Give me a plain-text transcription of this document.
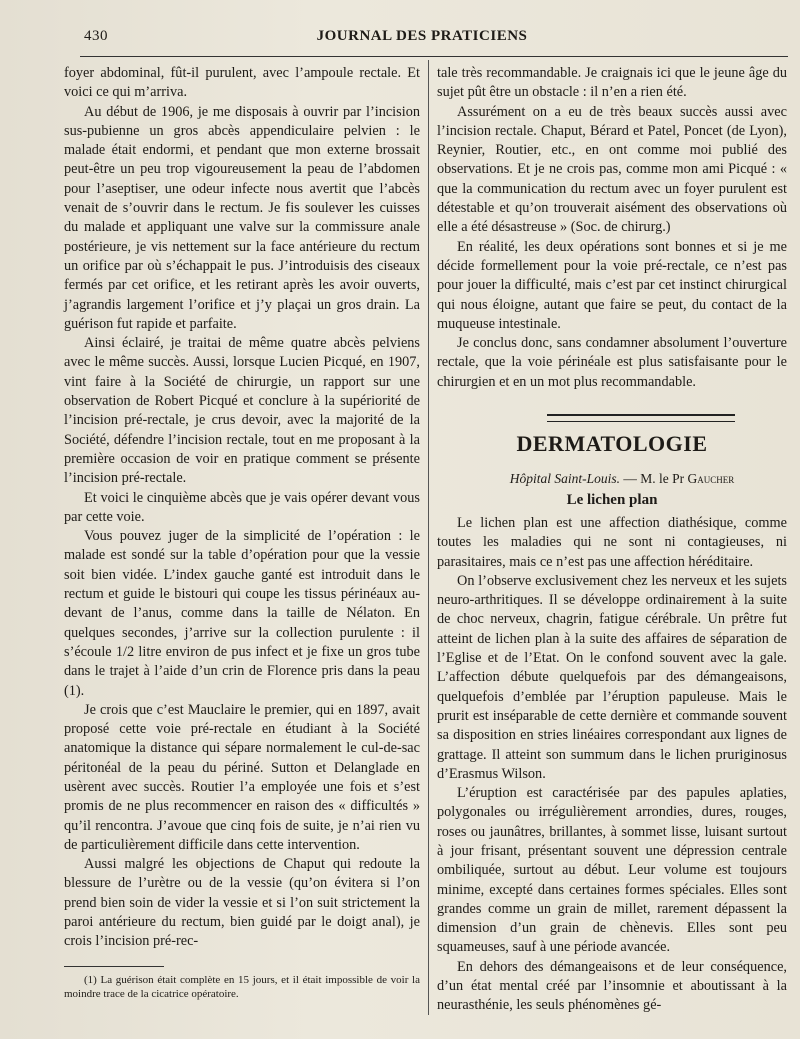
430	JOURNAL DES PRATICIENS

foyer abdominal, fût-il purulent, avec l’ampoule rectale. Et voici ce qui m’arriva.

Au début de 1906, je me disposais à ouvrir par l’incision sus-pubienne un gros abcès appendiculaire pelvien : le malade était endormi, et pendant que mon externe brossait peut-être un peu trop vigoureusement la peau de l’abdomen pour l’aseptiser, une odeur infecte nous avertit que l’abcès venait de s’ouvrir dans le rectum. Je fis soulever les cuisses du malade et appliquant une valve sur la commissure anale postérieure, je vis nettement sur la face antérieure du rectum un orifice par où s’échappait le pus. J’introduisis des ciseaux fermés par cet orifice, et les retirant après les avoir ouverts, j’agrandis largement l’orifice et j’y plaçai un gros drain. La guérison fut rapide et parfaite.

Ainsi éclairé, je traitai de même quatre abcès pelviens avec le même succès. Aussi, lorsque Lucien Picqué, en 1907, vint faire à la Société de chirurgie, un rapport sur une observation de Robert Picqué et conclure à la supériorité de l’incision pré-rectale, je crus devoir, avec la majorité de la Société, défendre l’incision rectale, tout en me proposant à la première occasion de voir en pratique comment se présente l’incision pré-rectale.

Et voici le cinquième abcès que je vais opérer devant vous par cette voie.

Vous pouvez juger de la simplicité de l’opération : le malade est sondé sur la table d’opération pour que la vessie soit bien vidée. L’index gauche ganté est introduit dans le rectum et guide le bistouri qui coupe les tissus périnéaux au-devant de l’anus, comme dans la taille de Nélaton. En quelques secondes, j’arrive sur la collection purulente : il s’écoule 1/2 litre environ de pus infect et je fixe un gros tube dans le trajet à l’aide d’un crin de Florence pris dans la peau (1).

Je crois que c’est Mauclaire le premier, qui en 1897, avait proposé cette voie pré-rectale en étudiant à la Société anatomique la distance qui sépare normalement le cul-de-sac péritonéal de la peau du périné. Sutton et Delanglade en usèrent avec succès. Routier l’a employée une fois et s’est promis de ne plus recommencer en raison des « difficultés » qu’il rencontra. J’avoue que cinq fois de suite, je n’ai rien vu de particulièrement difficile dans cette intervention.

Aussi malgré les objections de Chaput qui redoute la blessure de l’urètre ou de la vessie (qu’on évitera si l’on prend bien soin de vider la vessie et si l’on suit strictement la paroi antérieure du rectum, bien guidé par le doigt anal), je crois l’incision pré-rec-

(1) La guérison était complète en 15 jours, et il était impossible de voir la moindre trace de la cicatrice opératoire.

tale très recommandable. Je craignais ici que le jeune âge du sujet pût être un obstacle : il n’en a rien été.

Assurément on a eu de très beaux succès aussi avec l’incision rectale. Chaput, Bérard et Patel, Poncet (de Lyon), Reynier, Routier, etc., en ont comme moi publié des observations. Et je ne crois pas, comme mon ami Picqué : « que la communication du rectum avec un foyer purulent est détestable et qu’on trouverait aisément des observations où elle a été désastreuse » (Soc. de chirurg.)

En réalité, les deux opérations sont bonnes et si je me décide formellement pour la voie pré-rectale, ce n’est pas pour jouer la difficulté, mais c’est par cet instinct chirurgical qui nous éloigne, autant que faire se peut, du contact de la muqueuse intestinale.

Je conclus donc, sans condamner absolument l’ouverture rectale, que la voie périnéale est plus satisfaisante pour le chirurgien et en un mot plus recommandable.

DERMATOLOGIE

Hôpital Saint-Louis. — M. le Pr Gaucher

Le lichen plan

Le lichen plan est une affection diathésique, comme toutes les maladies qui ne sont ni contagieuses, ni parasitaires, mais ce n’est pas une affection héréditaire.

On l’observe exclusivement chez les nerveux et les sujets neuro-arthritiques. Il se développe ordinairement à la suite de choc nerveux, chagrin, fatigue cérébrale. Un prêtre fut atteint de lichen plan à la suite des affaires de séparation de l’Eglise et de l’Etat. On le confond souvent avec la gale. L’affection débute quelquefois par des démangeaisons, quelquefois d’emblée par l’éruption papuleuse. Mais le prurit est inséparable de cette dernière et commande souvent sa disposition en stries linéaires correspondant aux lignes de grattage. Il atteint son summum dans le lichen pruriginosus d’Erasmus Wilson.

L’éruption est caractérisée par des papules aplaties, polygonales ou irrégulièrement arrondies, dures, rouges, roses ou jaunâtres, brillantes, à sommet lisse, luisant surtout à jour frisant, présentant souvent une dépression centrale ombiliquée, surtout au début. Leur volume est toujours minime, excepté dans certaines formes spéciales. Elles sont grandes comme un grain de millet, rarement dépassent la dimension d’un grain de chènevis. Elles sont peu squameuses, sauf à une période avancée.

En dehors des démangeaisons et de leur conséquence, d’un état mental créé par l’insomnie et aboutissant à la neurasthénie, les seuls phénomènes gé-
